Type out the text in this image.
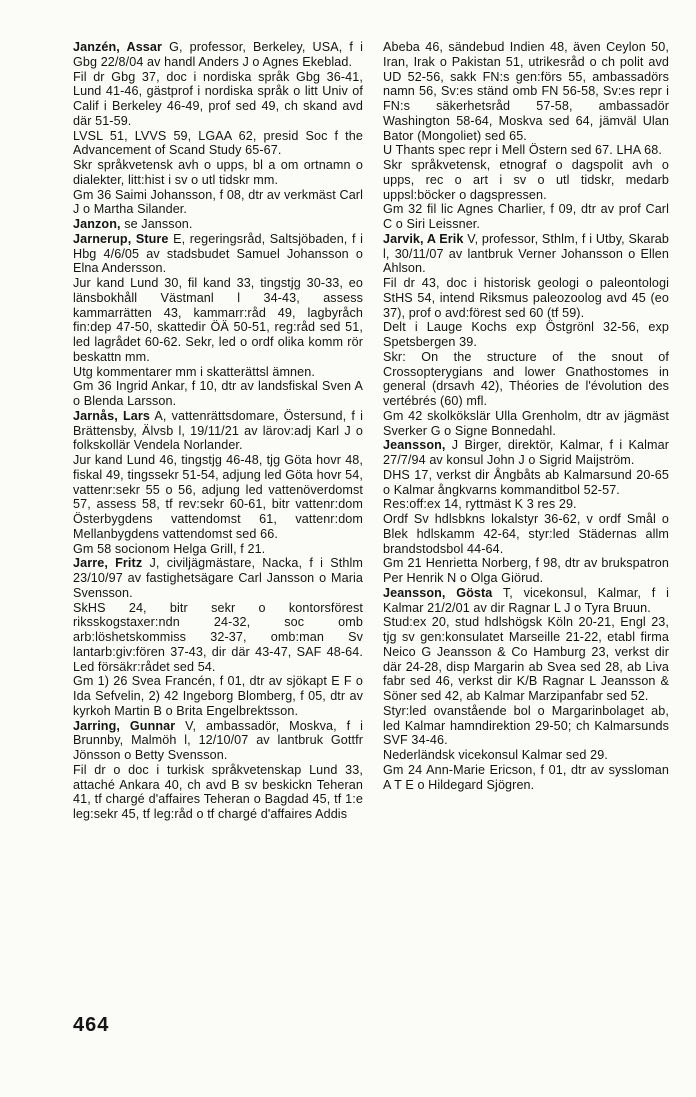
Janzén, Assar G, professor, Berkeley, USA, f i Gbg 22/8/04 av handl Anders J o Agnes Ekeblad.

Fil dr Gbg 37, doc i nordiska språk Gbg 36-41, Lund 41-46, gästprof i nordiska språk o litt Univ of Calif i Berkeley 46-49, prof sed 49, ch skand avd där 51-59.

LVSL 51, LVVS 59, LGAA 62, presid Soc f the Advancement of Scand Study 65-67.

Skr språkvetensk avh o upps, bl a om ortnamn o dialekter, litt:hist i sv o utl tidskr mm.

Gm 36 Saimi Johansson, f 08, dtr av verkmäst Carl J o Martha Silander.

Janzon, se Jansson.

Jarnerup, Sture E, regeringsråd, Saltsjöbaden, f i Hbg 4/6/05 av stadsbudet Samuel Johansson o Elna Andersson.

Jur kand Lund 30, fil kand 33, tingstjg 30-33, eo länsbokhåll Västmanl l 34-43, assess kammarrätten 43, kammarr:råd 49, lagbyråch fin:dep 47-50, skattedir ÖÄ 50-51, reg:råd sed 51, led lagrådet 60-62. Sekr, led o ordf olika komm rör beskattn mm.

Utg kommentarer mm i skatterättsl ämnen.

Gm 36 Ingrid Ankar, f 10, dtr av landsfiskal Sven A o Blenda Larsson.

Jarnås, Lars A, vattenrättsdomare, Östersund, f i Brättensby, Älvsb l, 19/11/21 av lärov:adj Karl J o folkskollär Vendela Norlander.

Jur kand Lund 46, tingstjg 46-48, tjg Göta hovr 48, fiskal 49, tingssekr 51-54, adjung led Göta hovr 54, vattenr:sekr 55 o 56, adjung led vattenöverdomst 57, assess 58, tf rev:sekr 60-61, bitr vattenr:dom Österbygdens vattendomst 61, vattenr:dom Mellanbygdens vattendomst sed 66.

Gm 58 socionom Helga Grill, f 21.

Jarre, Fritz J, civiljägmästare, Nacka, f i Sthlm 23/10/97 av fastighetsägare Carl Jansson o Maria Svensson.

SkHS 24, bitr sekr o kontorsförest riksskogstaxer:ndn 24-32, soc omb arb:löshetskommiss 32-37, omb:man Sv lantarb:giv:fören 37-43, dir där 43-47, SAF 48-64. Led försäkr:rådet sed 54.

Gm 1) 26 Svea Francén, f 01, dtr av sjökapt E F o Ida Sefvelin, 2) 42 Ingeborg Blomberg, f 05, dtr av kyrkoh Martin B o Brita Engelbrektsson.

Jarring, Gunnar V, ambassadör, Moskva, f i Brunnby, Malmöh l, 12/10/07 av lantbruk Gottfr Jönsson o Betty Svensson.

Fil dr o doc i turkisk språkvetenskap Lund 33, attaché Ankara 40, ch avd B sv beskickn Teheran 41, tf chargé d'affaires Teheran o Bagdad 45, tf 1:e leg:sekr 45, tf leg:råd o tf chargé d'affaires Addis

Abeba 46, sändebud Indien 48, även Ceylon 50, Iran, Irak o Pakistan 51, utrikesråd o ch polit avd UD 52-56, sakk FN:s gen:förs 55, ambassadörs namn 56, Sv:es ständ omb FN 56-58, Sv:es repr i FN:s säkerhetsråd 57-58, ambassadör Washington 58-64, Moskva sed 64, jämväl Ulan Bator (Mongoliet) sed 65.

U Thants spec repr i Mell Östern sed 67. LHA 68.

Skr språkvetensk, etnograf o dagspolit avh o upps, rec o art i sv o utl tidskr, medarb uppsl:böcker o dagspressen.

Gm 32 fil lic Agnes Charlier, f 09, dtr av prof Carl C o Siri Leissner.

Jarvik, A Erik V, professor, Sthlm, f i Utby, Skarab l, 30/11/07 av lantbruk Verner Johansson o Ellen Ahlson.

Fil dr 43, doc i historisk geologi o paleontologi StHS 54, intend Riksmus paleozoolog avd 45 (eo 37), prof o avd:förest sed 60 (tf 59).

Delt i Lauge Kochs exp Östgrönl 32-56, exp Spetsbergen 39.

Skr: On the structure of the snout of Crossopterygians and lower Gnathostomes in general (drsavh 42), Théories de l'évolution des vertébrés (60) mfl.

Gm 42 skolkökslär Ulla Grenholm, dtr av jägmäst Sverker G o Signe Bonnedahl.

Jeansson, J Birger, direktör, Kalmar, f i Kalmar 27/7/94 av konsul John J o Sigrid Maijström.

DHS 17, verkst dir Ångbåts ab Kalmarsund 20-65 o Kalmar ångkvarns kommanditbol 52-57.

Res:off:ex 14, ryttmäst K 3 res 29.

Ordf Sv hdlsbkns lokalstyr 36-62, v ordf Smål o Blek hdlskamm 42-64, styr:led Städernas allm brandstodsbol 44-64.

Gm 21 Henrietta Norberg, f 98, dtr av brukspatron Per Henrik N o Olga Giörud.

Jeansson, Gösta T, vicekonsul, Kalmar, f i Kalmar 21/2/01 av dir Ragnar L J o Tyra Bruun.

Stud:ex 20, stud hdlshögsk Köln 20-21, Engl 23, tjg sv gen:konsulatet Marseille 21-22, etabl firma Neico G Jeansson & Co Hamburg 23, verkst dir där 24-28, disp Margarin ab Svea sed 28, ab Liva fabr sed 46, verkst dir K/B Ragnar L Jeansson & Söner sed 42, ab Kalmar Marzipanfabr sed 52.

Styr:led ovanstående bol o Margarinbolaget ab, led Kalmar hamndirektion 29-50; ch Kalmarsunds SVF 34-46.

Nederländsk vicekonsul Kalmar sed 29.

Gm 24 Ann-Marie Ericson, f 01, dtr av syssloman A T E o Hildegard Sjögren.

464
